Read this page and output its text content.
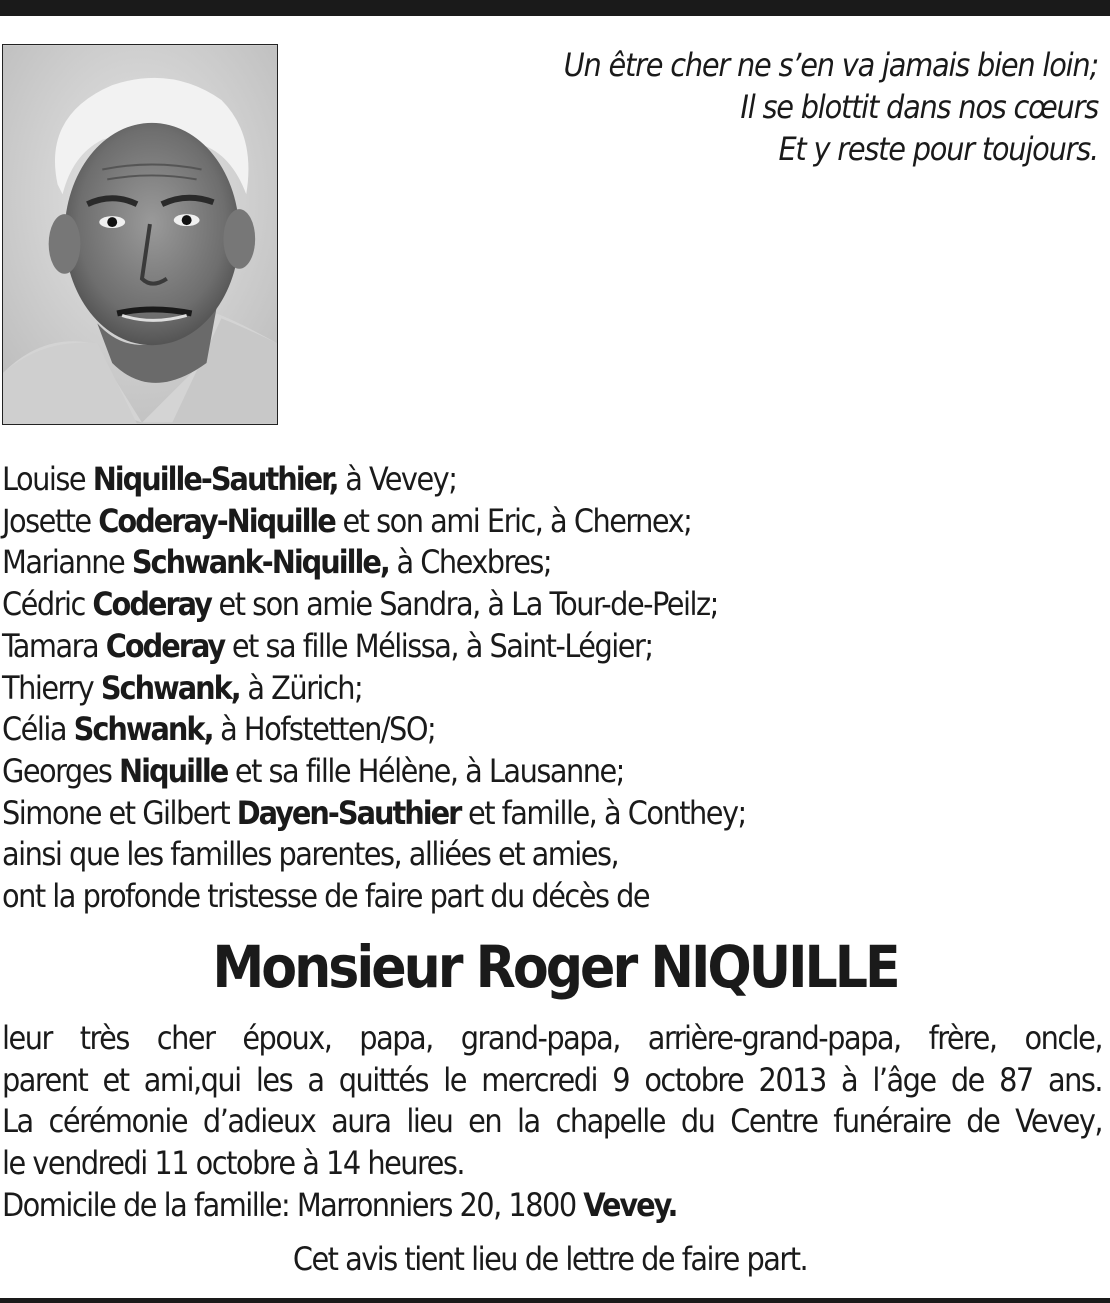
Un être cher ne s’en va jamais bien loin;
Il se blottit dans nos cœurs
Et y reste pour toujours.
Louise Niquille-Sauthier, à Vevey;
Josette Coderay-Niquille et son ami Eric, à Chernex;
Marianne Schwank-Niquille, à Chexbres;
Cédric Coderay et son amie Sandra, à La Tour-de-Peilz;
Tamara Coderay et sa fille Mélissa, à Saint-Légier;
Thierry Schwank, à Zürich;
Célia Schwank, à Hofstetten/SO;
Georges Niquille et sa fille Hélène, à Lausanne;
Simone et Gilbert Dayen-Sauthier et famille, à Conthey;
ainsi que les familles parentes, alliées et amies,
ont la profonde tristesse de faire part du décès de
Monsieur Roger NIQUILLE
leur très cher époux, papa, grand-papa, arrière-grand-papa, frère, oncle,
parent et ami,qui les a quittés le mercredi 9 octobre 2013 à l’âge de 87 ans.
La cérémonie d’adieux aura lieu en la chapelle du Centre funéraire de Vevey,
le vendredi 11 octobre à 14 heures.
Domicile de la famille: Marronniers 20, 1800 Vevey.
Cet avis tient lieu de lettre de faire part.
